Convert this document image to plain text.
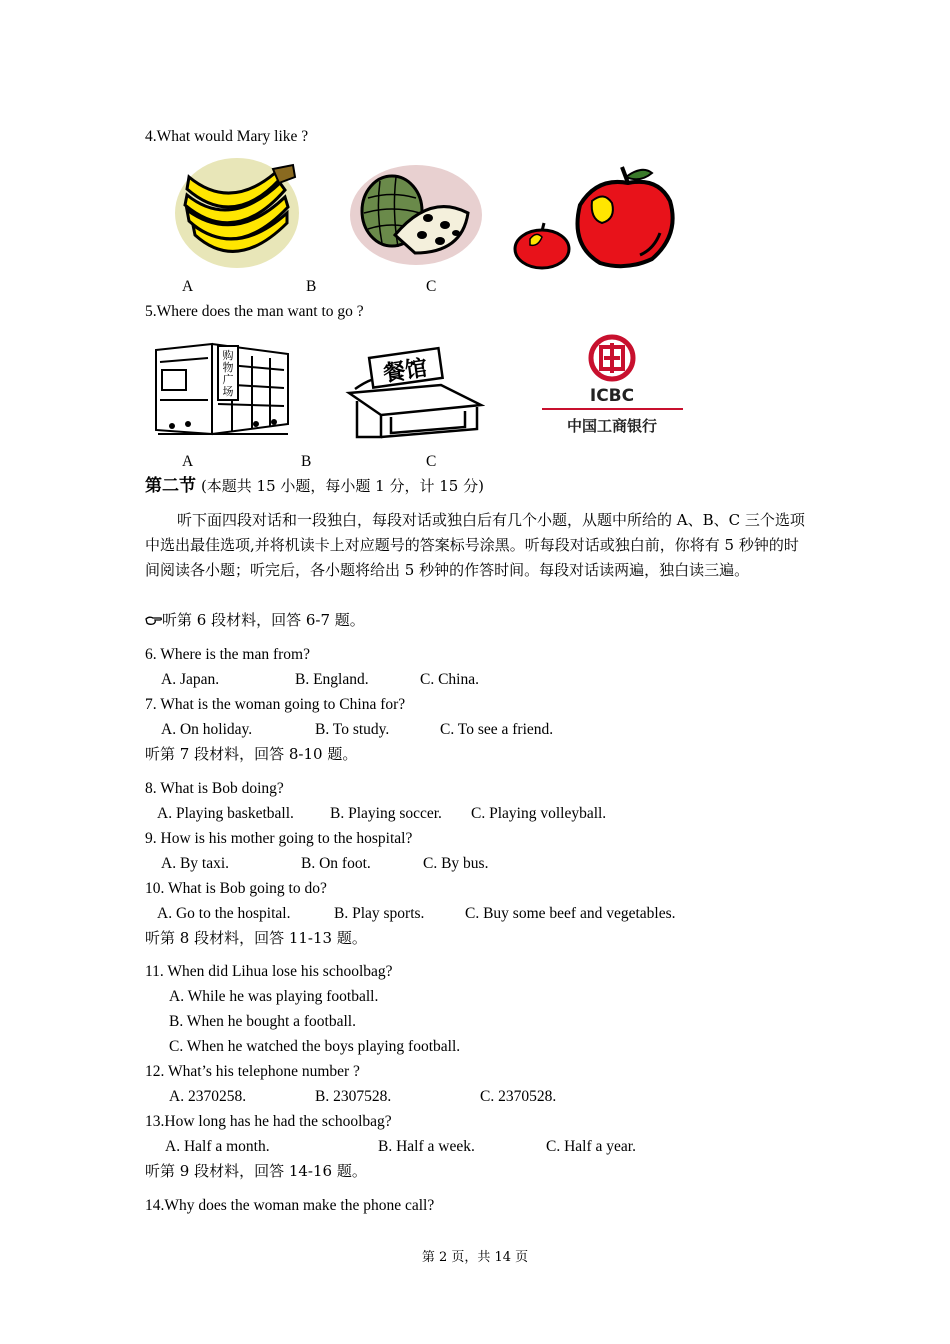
4.What would Mary like ?
A	B	C
5.Where does the man want to go ?
购
物
广
场
餐馆
ICBC
中国工商银行
A	B	C
第二节 (本题共 15 小题，每小题 1 分，计 15 分)
听下面四段对话和一段独白，每段对话或独白后有几个小题，从题中所给的 A、B、C 三个选项中选出最佳选项,并将机读卡上对应题号的答案标号涂黑。听每段对话或独白前，你将有 5 秒钟的时间阅读各小题；听完后，各小题将给出 5 秒钟的作答时间。每段对话读两遍，独白读三遍。
听第 6 段材料，回答 6-7 题。
6. Where is the man from?
A. Japan.	B. England.	C. China.
7. What is the woman going to China for?
A. On holiday.	B. To study.	C. To see a friend.
听第 7 段材料，回答 8-10 题。
8. What is Bob doing?
A. Playing basketball. B. Playing soccer. C. Playing volleyball.
9. How is his mother going to the hospital?
A. By taxi.	B. On foot.	C. By bus.
10. What is Bob going to do?
A. Go to the hospital.	B. Play sports.	C. Buy some beef and vegetables.
听第 8 段材料，回答 11-13 题。
11. When did Lihua lose his schoolbag?
A. While he was playing football.
B. When he bought a football.
C. When he watched the boys playing football.
12. What’s his telephone number ?
A. 2370258.	B. 2307528.	C. 2370528.
13.How long has he had the schoolbag?
A. Half a month.	B. Half a week.	C. Half a year.
听第 9 段材料，回答 14-16 题。
14.Why does the woman make the phone call?
第 2 页，共 14 页
